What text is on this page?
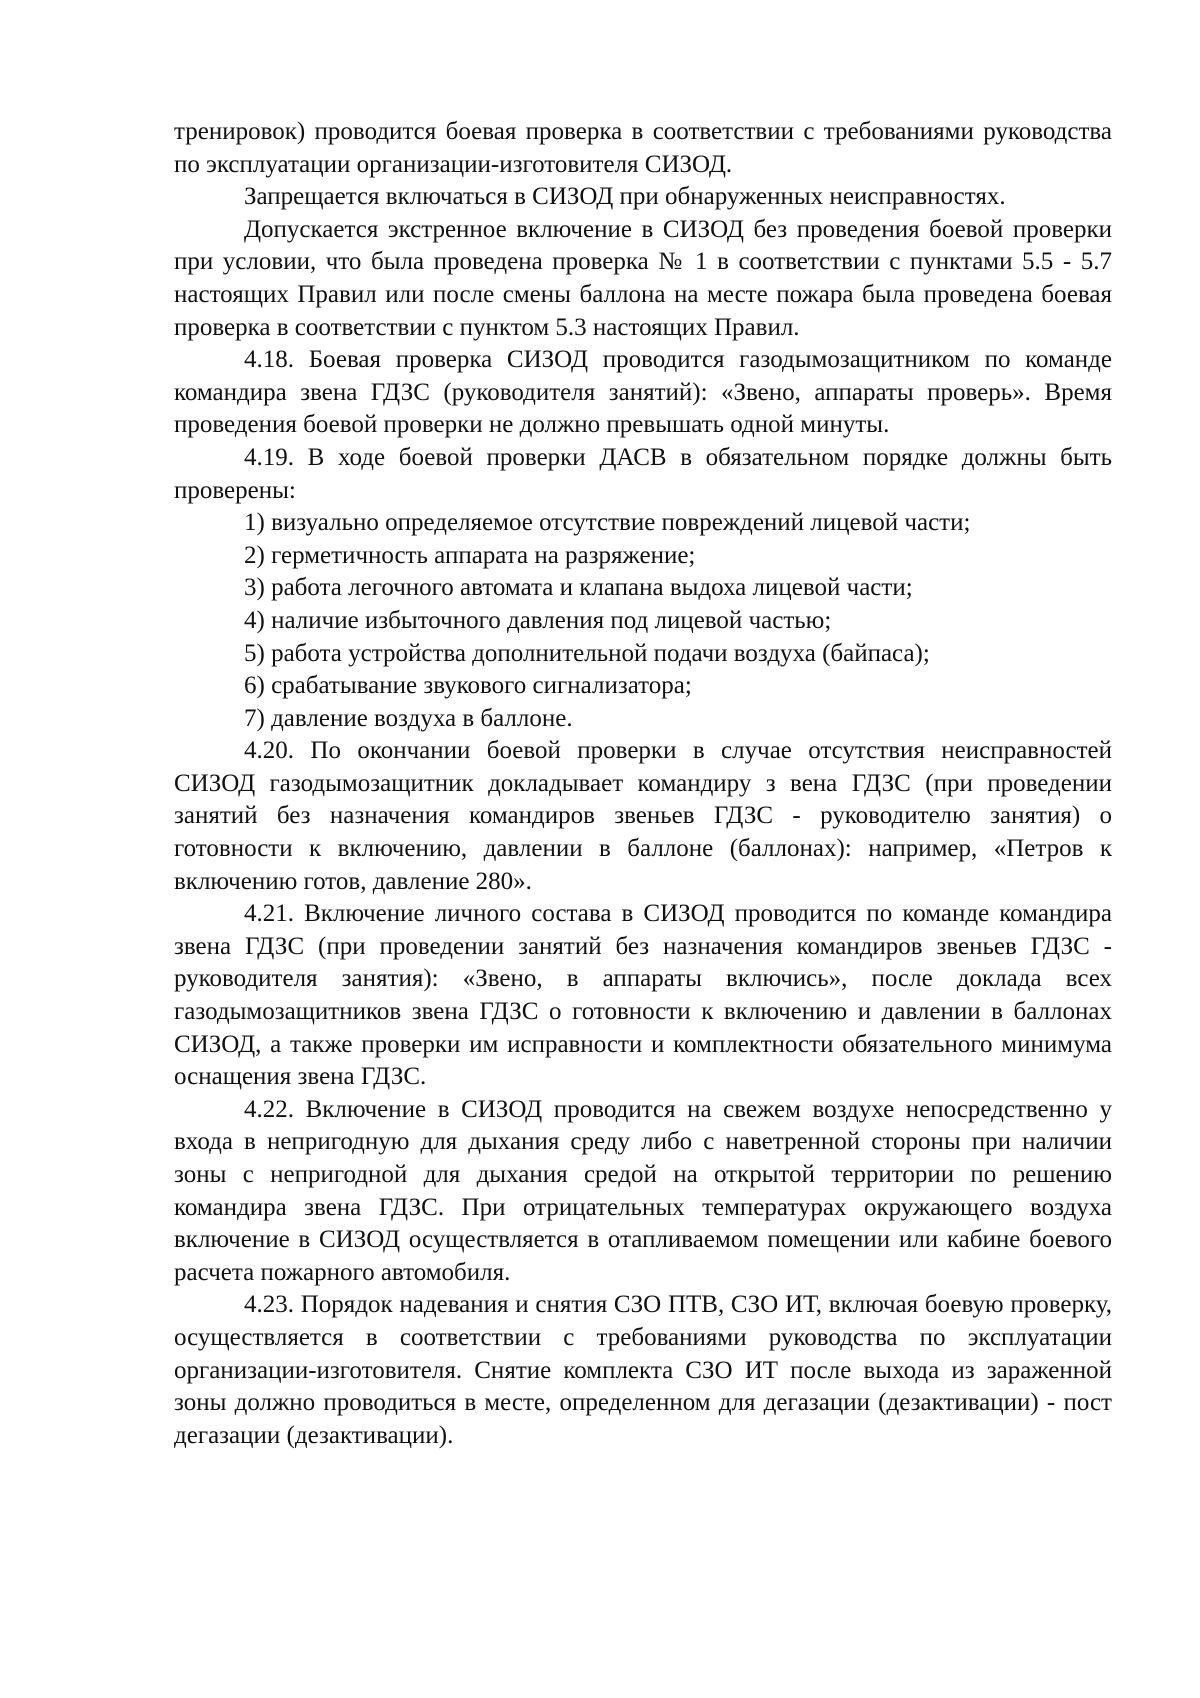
тренировок) проводится боевая проверка в соответствии с требованиями руководства по эксплуатации организации-изготовителя СИЗОД.

Запрещается включаться в СИЗОД при обнаруженных неисправностях.

Допускается экстренное включение в СИЗОД без проведения боевой проверки при условии, что была проведена проверка № 1 в соответствии с пунктами 5.5 - 5.7 настоящих Правил или после смены баллона на месте пожара была проведена боевая проверка в соответствии с пунктом 5.3 настоящих Правил.

4.18. Боевая проверка СИЗОД проводится газодымозащитником по команде командира звена ГДЗС (руководителя занятий): «Звено, аппараты проверь». Время проведения боевой проверки не должно превышать одной минуты.

4.19. В ходе боевой проверки ДАСВ в обязательном порядке должны быть проверены:

1) визуально определяемое отсутствие повреждений лицевой части;

2) герметичность аппарата на разряжение;

3) работа легочного автомата и клапана выдоха лицевой части;

4) наличие избыточного давления под лицевой частью;

5) работа устройства дополнительной подачи воздуха (байпаса);

6) срабатывание звукового сигнализатора;

7) давление воздуха в баллоне.

4.20. По окончании боевой проверки в случае отсутствия неисправностей СИЗОД газодымозащитник докладывает командиру з вена ГДЗС (при проведении занятий без назначения командиров звеньев ГДЗС - руководителю занятия) о готовности к включению, давлении в баллоне (баллонах): например, «Петров к включению готов, давление 280».

4.21. Включение личного состава в СИЗОД проводится по команде командира звена ГДЗС (при проведении занятий без назначения командиров звеньев ГДЗС - руководителя занятия): «Звено, в аппараты включись», после доклада всех газодымозащитников звена ГДЗС о готовности к включению и давлении в баллонах СИЗОД, а также проверки им исправности и комплектности обязательного минимума оснащения звена ГДЗС.

4.22. Включение в СИЗОД проводится на свежем воздухе непосредственно у входа в непригодную для дыхания среду либо с наветренной стороны при наличии зоны с непригодной для дыхания средой на открытой территории по решению командира звена ГДЗС. При отрицательных температурах окружающего воздуха включение в СИЗОД осуществляется в отапливаемом помещении или кабине боевого расчета пожарного автомобиля.

4.23. Порядок надевания и снятия СЗО ПТВ, СЗО ИТ, включая боевую проверку, осуществляется в соответствии с требованиями руководства по эксплуатации организации-изготовителя. Снятие комплекта СЗО ИТ после выхода из зараженной зоны должно проводиться в месте, определенном для дегазации (дезактивации) - пост дегазации (дезактивации).
